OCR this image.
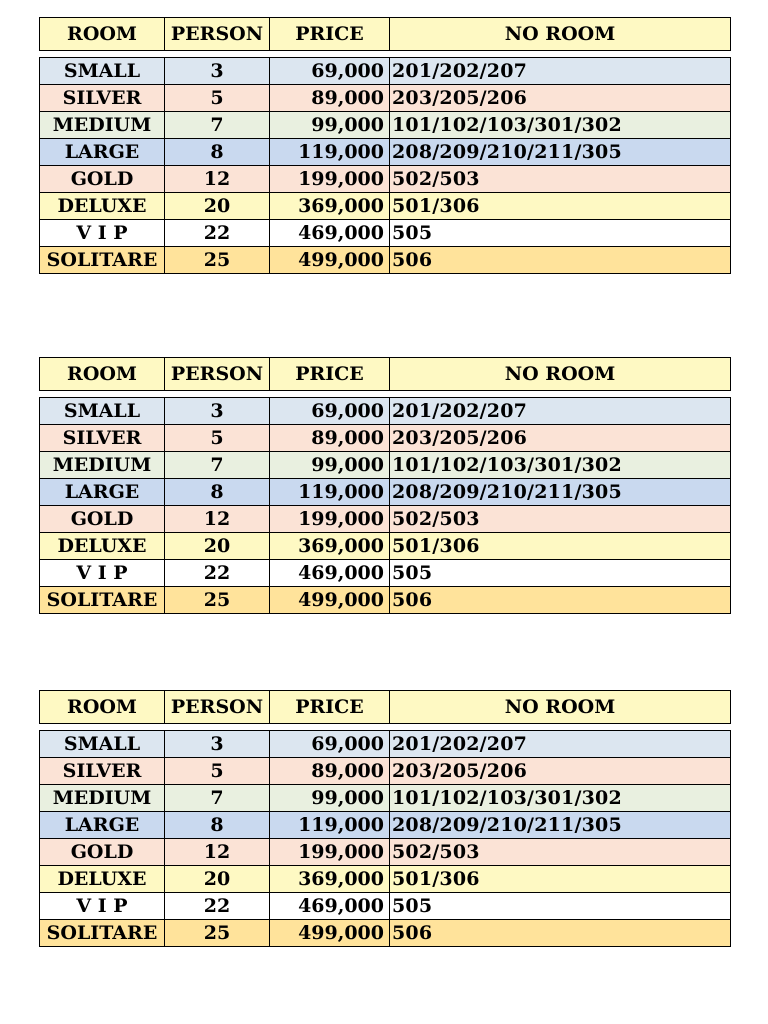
ROOM	PERSON	PRICE	NO ROOM

SMALL	3	69,000	201/202/207
SILVER	5	89,000	203/205/206
MEDIUM	7	99,000	101/102/103/301/302
LARGE	8	119,000	208/209/210/211/305
GOLD	12	199,000	502/503
DELUXE	20	369,000	501/306
V I P	22	469,000	505
SOLITARE	25	499,000	506
ROOM	PERSON	PRICE	NO ROOM

SMALL	3	69,000	201/202/207
SILVER	5	89,000	203/205/206
MEDIUM	7	99,000	101/102/103/301/302
LARGE	8	119,000	208/209/210/211/305
GOLD	12	199,000	502/503
DELUXE	20	369,000	501/306
V I P	22	469,000	505
SOLITARE	25	499,000	506
ROOM	PERSON	PRICE	NO ROOM

SMALL	3	69,000	201/202/207
SILVER	5	89,000	203/205/206
MEDIUM	7	99,000	101/102/103/301/302
LARGE	8	119,000	208/209/210/211/305
GOLD	12	199,000	502/503
DELUXE	20	369,000	501/306
V I P	22	469,000	505
SOLITARE	25	499,000	506
